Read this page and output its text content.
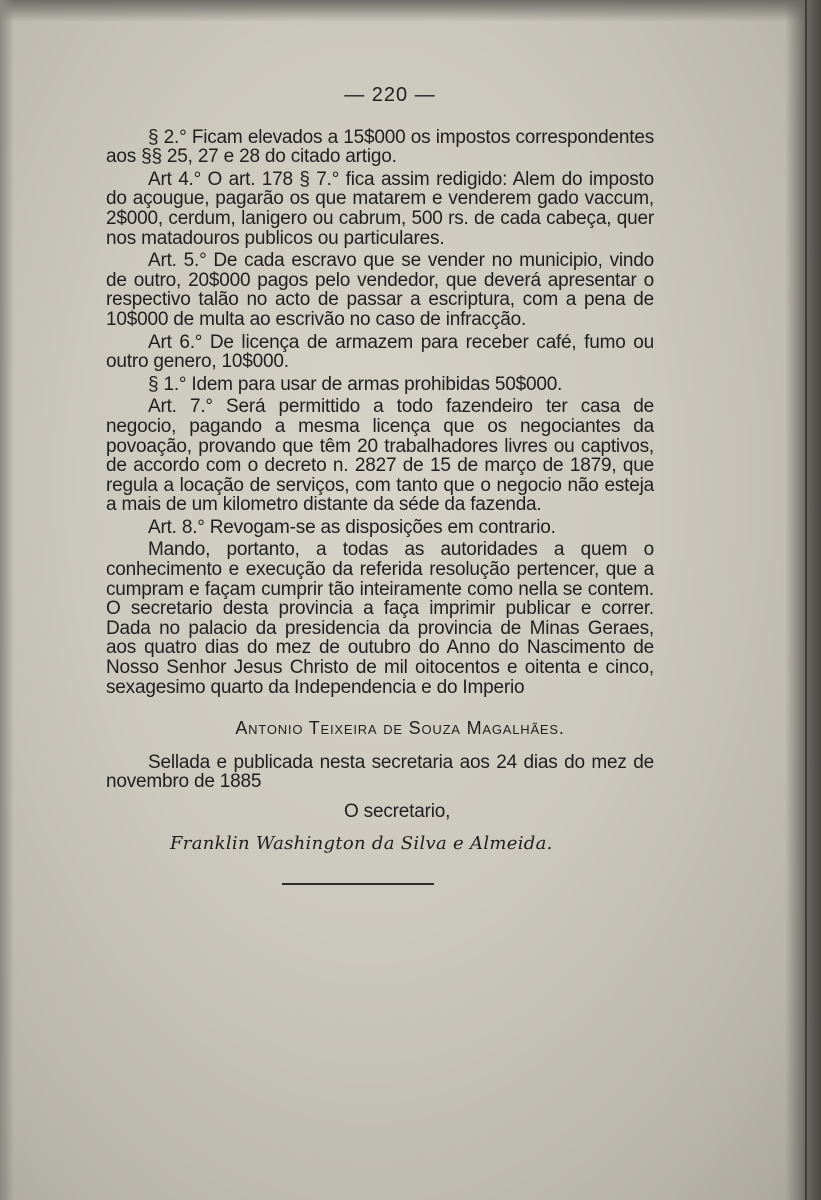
— 220 —

§ 2.° Ficam elevados a 15$000 os impostos correspondentes aos §§ 25, 27 e 28 do citado artigo.

Art 4.° O art. 178 § 7.° fica assim redigido: Alem do imposto do açougue, pagarão os que matarem e venderem gado vaccum, 2$000, cerdum, lanigero ou cabrum, 500 rs. de cada cabeça, quer nos matadouros publicos ou particulares.

Art. 5.° De cada escravo que se vender no municipio, vindo de outro, 20$000 pagos pelo vendedor, que deverá apresentar o respectivo talão no acto de passar a escriptura, com a pena de 10$000 de multa ao escrivão no caso de infracção.

Art 6.° De licença de armazem para receber café, fumo ou outro genero, 10$000.

§ 1.° Idem para usar de armas prohibidas 50$000.

Art. 7.° Será permittido a todo fazendeiro ter casa de negocio, pagando a mesma licença que os negociantes da povoação, provando que têm 20 trabalhadores livres ou captivos, de accordo com o decreto n. 2827 de 15 de março de 1879, que regula a locação de serviços, com tanto que o negocio não esteja a mais de um kilometro distante da séde da fazenda.

Art. 8.° Revogam-se as disposições em contrario.

Mando, portanto, a todas as autoridades a quem o conhecimento e execução da referida resolução pertencer, que a cumpram e façam cumprir tão inteiramente como nella se contem. O secretario desta provincia a faça imprimir publicar e correr. Dada no palacio da presidencia da provincia de Minas Geraes, aos quatro dias do mez de outubro do Anno do Nascimento de Nosso Senhor Jesus Christo de mil oitocentos e oitenta e cinco, sexagesimo quarto da Independencia e do Imperio

Antonio Teixeira de Souza Magalhães.

Sellada e publicada nesta secretaria aos 24 dias do mez de novembro de 1885

O secretario,
Franklin Washington da Silva e Almeida.
